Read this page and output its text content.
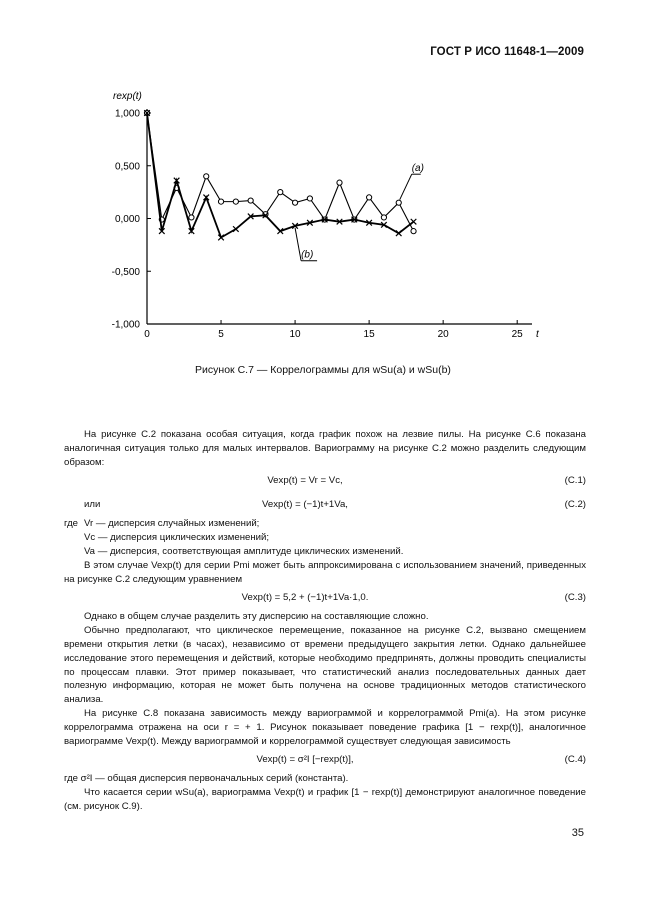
ГОСТ Р ИСО 11648-1—2009
1,000
0,500
0,000
-0,500
-1,000
0	5	10	15	20	25
rexp(t)
t
(a)
(b)
Рисунок С.7 — Коррелограммы для wSu(a) и wSu(b)

На рисунке С.2 показана особая ситуация, когда график похож на лезвие пилы. На рисунке С.6 показана аналогичная ситуация только для малых интервалов. Вариограмму на рисунке С.2 можно разделить следующим образом:

Vexp(t) = Vr = Vc,	(С.1)
или	Vexp(t) = (−1)t+1Va,	(С.2)

где Vr — дисперсия случайных изменений;

Vc — дисперсия циклических изменений;

Va — дисперсия, соответствующая амплитуде циклических изменений.

В этом случае Vexp(t) для серии Pmi может быть аппроксимирована с использованием значений, приведенных на рисунке С.2 следующим уравнением

Vexp(t) = 5,2 + (−1)t+1Va·1,0.	(С.3)

Однако в общем случае разделить эту дисперсию на составляющие сложно.

Обычно предполагают, что циклическое перемещение, показанное на рисунке С.2, вызвано смещением времени открытия летки (в часах), независимо от времени предыдущего закрытия летки. Однако дальнейшее исследование этого перемещения и действий, которые необходимо предпринять, должны проводить специалисты по процессам плавки. Этот пример показывает, что статистический анализ последовательных данных дает полезную информацию, которая не может быть получена на основе традиционных методов статистического анализа.

На рисунке С.8 показана зависимость между вариограммой и коррелограммой Pmi(a). На этом рисунке коррелограмма отражена на оси r = + 1. Рисунок показывает поведение графика [1 − rexp(t)], аналогичное вариограмме Vexp(t). Между вариограммой и коррелограммой существует следующая зависимость

Vexp(t) = σ²I [−rexp(t)],	(С.4)

где σ²I — общая дисперсия первоначальных серий (константа).

Что касается серии wSu(a), вариограмма Vexp(t) и график [1 − rexp(t)] демонстрируют аналогичное поведение (см. рисунок С.9).

35
